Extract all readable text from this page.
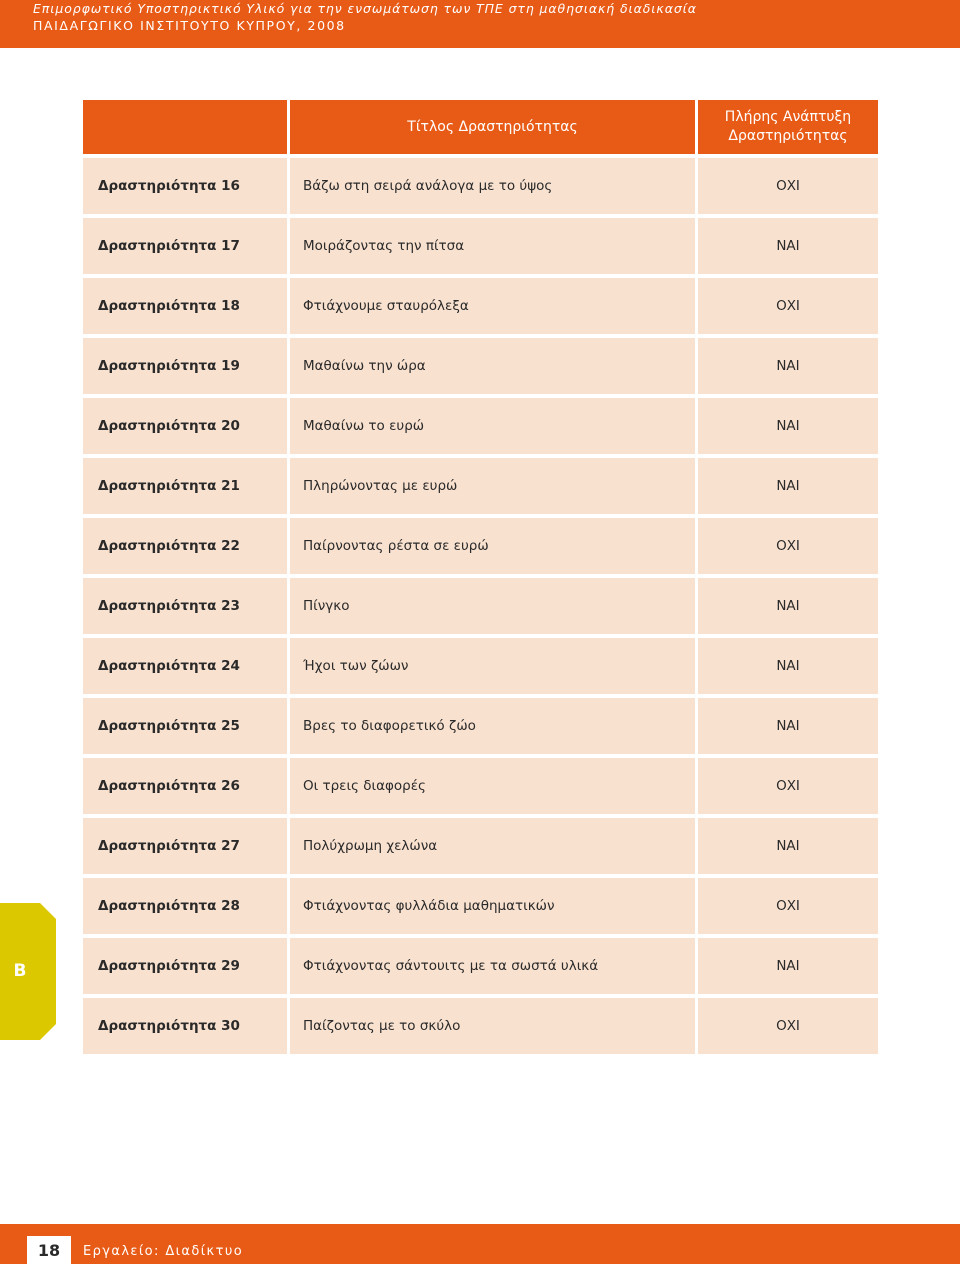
Επιμορφωτικό Υποστηρικτικό Υλικό για την ενσωμάτωση των ΤΠΕ στη μαθησιακή διαδικασία
ΠΑΙΔΑΓΩΓΙΚΟ ΙΝΣΤΙΤΟΥΤΟ ΚΥΠΡΟΥ, 2008
	Τίτλος Δραστηριότητας	Πλήρης Ανάπτυξη
Δραστηριότητας
Δραστηριότητα 16	Βάζω στη σειρά ανάλογα με το ύψος	ΟΧΙ
Δραστηριότητα 17	Μοιράζοντας την πίτσα	ΝΑΙ
Δραστηριότητα 18	Φτιάχνουμε σταυρόλεξα	ΟΧΙ
Δραστηριότητα 19	Μαθαίνω την ώρα	ΝΑΙ
Δραστηριότητα 20	Μαθαίνω το ευρώ	ΝΑΙ
Δραστηριότητα 21	Πληρώνοντας με ευρώ	ΝΑΙ
Δραστηριότητα 22	Παίρνοντας ρέστα σε ευρώ	ΟΧΙ
Δραστηριότητα 23	Πίνγκο	ΝΑΙ
Δραστηριότητα 24	Ήχοι των ζώων	ΝΑΙ
Δραστηριότητα 25	Βρες το διαφορετικό ζώο	ΝΑΙ
Δραστηριότητα 26	Οι τρεις διαφορές	ΟΧΙ
Δραστηριότητα 27	Πολύχρωμη χελώνα	ΝΑΙ
Δραστηριότητα 28	Φτιάχνοντας φυλλάδια μαθηματικών	ΟΧΙ
Δραστηριότητα 29	Φτιάχνοντας σάντουιτς με τα σωστά υλικά	ΝΑΙ
Δραστηριότητα 30	Παίζοντας με το σκύλο	ΟΧΙ
B
18	Εργαλείο: Διαδίκτυο
